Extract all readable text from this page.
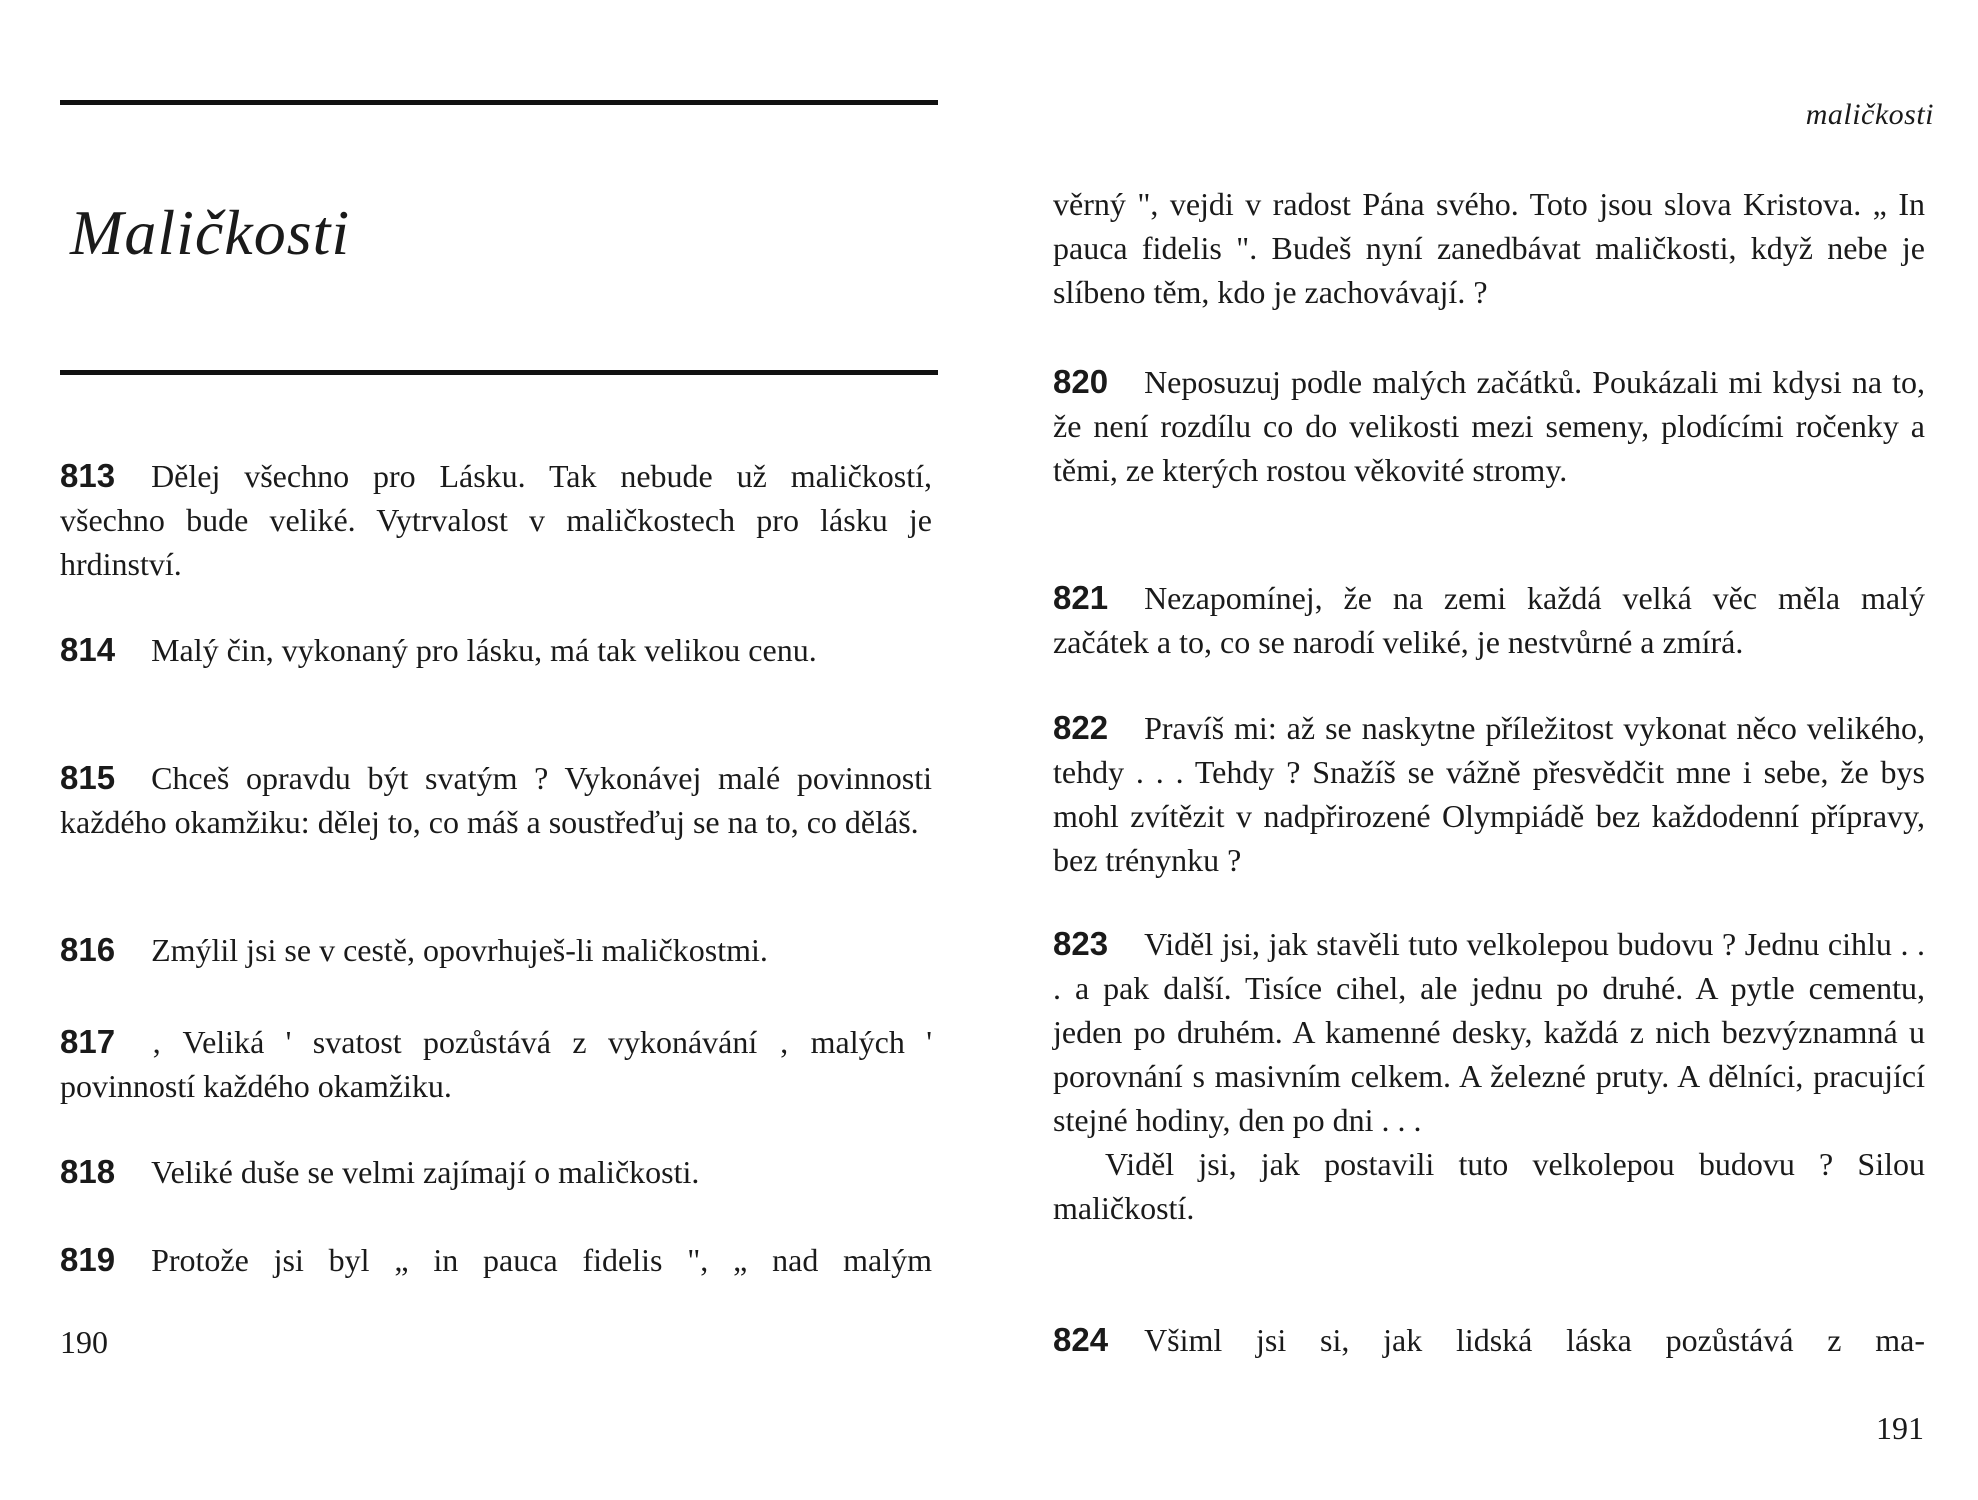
Maličkosti

813 Dělej všechno pro Lásku. Tak nebude už maličkostí, všechno bude veliké. Vytrvalost v maličkostech pro lásku je hrdinství.

814 Malý čin, vykonaný pro lásku, má tak velikou cenu.

815 Chceš opravdu být svatým ? Vykonávej malé povinnosti každého okamžiku: dělej to, co máš a soustřeďuj se na to, co děláš.

816 Zmýlil jsi se v cestě, opovrhuješ-li maličkostmi.

817 ‚ Veliká ' svatost pozůstává z vykonávání ‚ malých ' povinností každého okamžiku.

818 Veliké duše se velmi zajímají o maličkosti.

819 Protože jsi byl „ in pauca fidelis ", „ nad malým

190
maličkosti

věrný ", vejdi v radost Pána svého. Toto jsou slova Kristova. „ In pauca fidelis ". Budeš nyní zanedbávat maličkosti, když nebe je slíbeno těm, kdo je zachovávají. ?

820 Neposuzuj podle malých začátků. Poukázali mi kdysi na to, že není rozdílu co do velikosti mezi semeny, plodícími ročenky a těmi, ze kterých rostou věkovité stromy.

821 Nezapomínej, že na zemi každá velká věc měla malý začátek a to, co se narodí veliké, je nestvůrné a zmírá.

822 Pravíš mi: až se naskytne příležitost vykonat něco velikého, tehdy . . . Tehdy ? Snažíš se vážně přesvědčit mne i sebe, že bys mohl zvítězit v nadpřirozené Olympiádě bez každodenní přípravy, bez trénynku ?

823 Viděl jsi, jak stavěli tuto velkolepou budovu ? Jednu cihlu . . . a pak další. Tisíce cihel, ale jednu po druhé. A pytle cementu, jeden po druhém. A kamenné desky, každá z nich bezvýznamná u porovnání s masivním celkem. A železné pruty. A dělníci, pracující stejné hodiny, den po dni . . .
Viděl jsi, jak postavili tuto velkolepou budovu ? Silou maličkostí.

824 Všiml jsi si, jak lidská láska pozůstává z ma-

191
